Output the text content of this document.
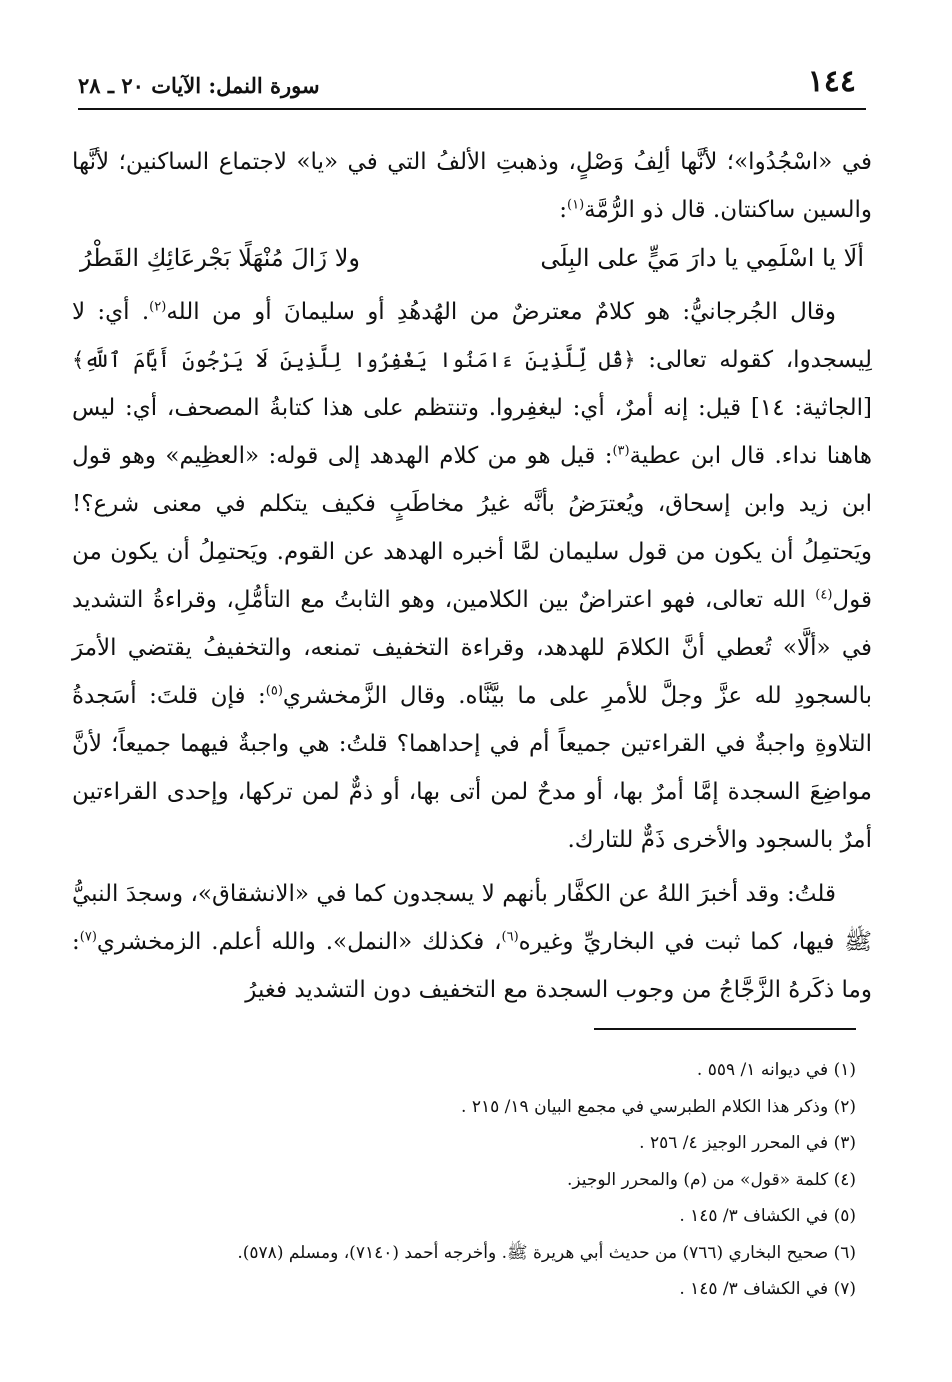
١٤٤
سورة النمل: الآيات ٢٠ ـ ٢٨

في «اسْجُدُوا»؛ لأنَّها ألِفُ وَصْلٍ، وذهبتِ الألفُ التي في «يا» لاجتماع الساكنين؛ لأنَّها والسين ساكنتان. قال ذو الرُّمَّة$^{(١)}$:

ألَا يا اسْلَمِي يا دارَ مَيٍّ على البِلَى
ولا زَالَ مُنْهَلًا بَجْرعَائِكِ القَطْرُ

وقال الجُرجانيُّ: هو كلامٌ معترضٌ من الهُدهُدِ أو سليمانَ أو من الله$^{(٢)}$. أي: لا لِيسجدوا، كقوله تعالى: ﴿قُل لِّلَّذِينَ ءَامَنُوا يَغْفِرُوا لِلَّذِينَ لَا يَرْجُونَ أَيَّامَ ٱللَّهِ﴾ [الجاثية: ١٤] قيل: إنه أمرٌ، أي: ليغفِروا. وتنتظم على هذا كتابةُ المصحف، أي: ليس هاهنا نداء. قال ابن عطية$^{(٣)}$: قيل هو من كلام الهدهد إلى قوله: «العظِيم» وهو قول ابن زيد وابن إسحاق، ويُعترَضُ بأنَّه غيرُ مخاطَبٍ فكيف يتكلم في معنى شرع؟! ويَحتمِلُ أن يكون من قول سليمان لمَّا أخبره الهدهد عن القوم. ويَحتمِلُ أن يكون من قول$^{(٤)}$ الله تعالى، فهو اعتراضٌ بين الكلامين، وهو الثابتُ مع التأمُّلِ، وقراءةُ التشديد في «ألَّا» تُعطي أنَّ الكلامَ للهدهد، وقراءة التخفيف تمنعه، والتخفيفُ يقتضي الأمرَ بالسجودِ لله عزَّ وجلَّ للأمرِ على ما بيَّنَّاه. وقال الزَّمخشري$^{(٥)}$: فإن قلتَ: أسَجدةُ التلاوةِ واجبةٌ في القراءتين جميعاً أم في إحداهما؟ قلتُ: هي واجبةٌ فيهما جميعاً؛ لأنَّ مواضِعَ السجدة إمَّا أمرٌ بها، أو مدحٌ لمن أتى بها، أو ذمٌّ لمن تركها، وإحدى القراءتين أمرٌ بالسجود والأخرى ذَمٌّ للتارك.

قلتُ: وقد أخبرَ اللهُ عن الكفَّار بأنهم لا يسجدون كما في «الانشقاق»، وسجدَ النبيُّ ﷺ فيها، كما ثبت في البخاريِّ وغيره$^{(٦)}$، فكذلك «النمل». والله أعلم. الزمخشري$^{(٧)}$: وما ذكَرهُ الزَّجَّاجُ من وجوب السجدة مع التخفيف دون التشديد فغيرُ

(١) في ديوانه ١/ ٥٥٩ .
(٢) وذكر هذا الكلام الطبرسي في مجمع البيان ١٩/ ٢١٥ .
(٣) في المحرر الوجيز ٤/ ٢٥٦ .
(٤) كلمة «قول» من (م) والمحرر الوجيز.
(٥) في الكشاف ٣/ ١٤٥ .
(٦) صحيح البخاري (٧٦٦) من حديث أبي هريرة ﷺ. وأخرجه أحمد (٧١٤٠)، ومسلم (٥٧٨).
(٧) في الكشاف ٣/ ١٤٥ .
